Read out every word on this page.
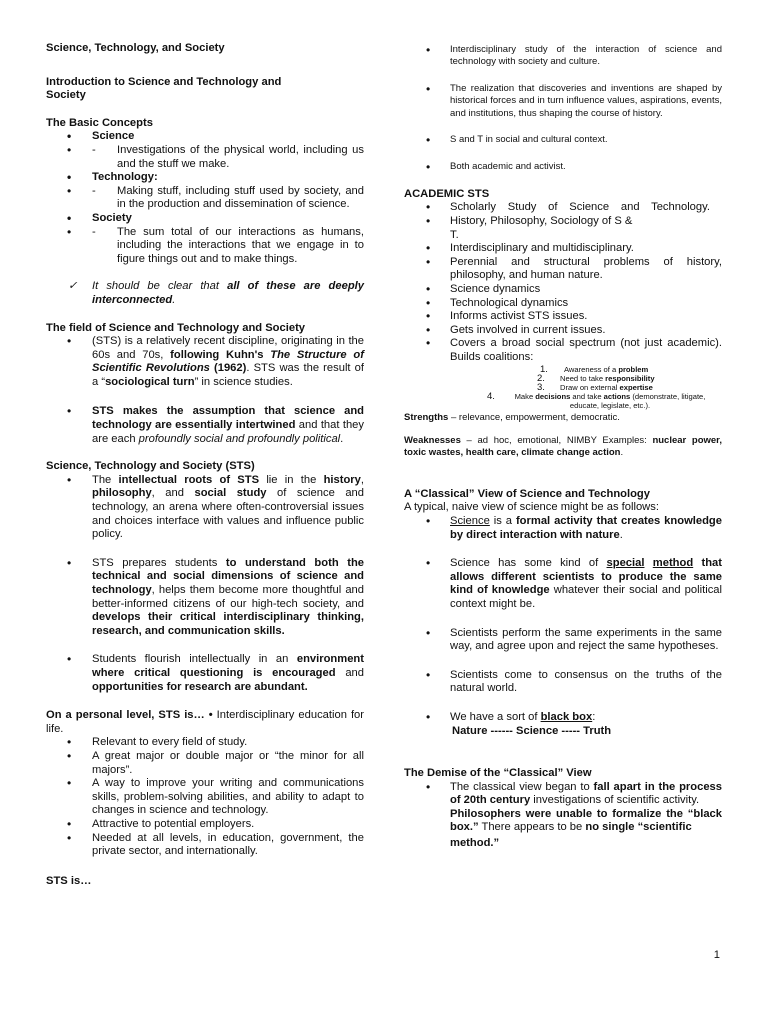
Science, Technology, and Society
Introduction to Science and Technology and Society
The Basic Concepts
• Science
- • Investigations of the physical world, including us and the stuff we make.
• Technology:
- • Making stuff, including stuff used by society, and in the production and dissemination of science.
• Society
- • The sum total of our interactions as humans, including the interactions that we engage in to figure things out and to make things.
✓ It should be clear that all of these are deeply interconnected.
The field of Science and Technology and Society
• (STS) is a relatively recent discipline, originating in the 60s and 70s, following Kuhn's The Structure of Scientific Revolutions (1962). STS was the result of a “sociological turn” in science studies.
• STS makes the assumption that science and technology are essentially intertwined and that they are each profoundly social and profoundly political.
Science, Technology and Society (STS)
• The intellectual roots of STS lie in the history, philosophy, and social study of science and technology, an arena where often-controversial issues and choices interface with values and influence public policy.
• STS prepares students to understand both the technical and social dimensions of science and technology, helps them become more thoughtful and better-informed citizens of our high-tech society, and develops their critical interdisciplinary thinking, research, and communication skills.
• Students flourish intellectually in an environment where critical questioning is encouraged and opportunities for research are abundant.
On a personal level, STS is… • Interdisciplinary education for life.
• Relevant to every field of study.
• A great major or double major or “the minor for all majors”.
• A way to improve your writing and communications skills, problem-solving abilities, and ability to adapt to changes in science and technology.
• Attractive to potential employers.
• Needed at all levels, in education, government, the private sector, and internationally.
STS is…
• Interdisciplinary study of the interaction of science and technology with society and culture.
• The realization that discoveries and inventions are shaped by historical forces and in turn influence values, aspirations, events, and institutions, thus shaping the course of history.
• S and T in social and cultural context.
• Both academic and activist.
ACADEMIC STS
• Scholarly Study of Science and Technology.
• History, Philosophy, Sociology of S & T.
• Interdisciplinary and multidisciplinary.
• Perennial and structural problems of history, philosophy, and human nature.
• Science dynamics
• Technological dynamics
• Informs activist STS issues.
• Gets involved in current issues.
• Covers a broad social spectrum (not just academic). Builds coalitions:
1. Awareness of a problem
2. Need to take responsibility
3. Draw on external expertise
4.	Make decisions and take actions (demonstrate, litigate, educate, legislate, etc.).
Strengths – relevance, empowerment, democratic.
Weaknesses – ad hoc, emotional, NIMBY Examples: nuclear power, toxic wastes, health care, climate change action.
A “Classical” View of Science and Technology
A typical, naive view of science might be as follows:
• Science is a formal activity that creates knowledge by direct interaction with nature.
• Science has some kind of special method that allows different scientists to produce the same kind of knowledge whatever their social and political context might be.
• Scientists perform the same experiments in the same way, and agree upon and reject the same hypotheses.
• Scientists come to consensus on the truths of the natural world.
• We have a sort of black box:
Nature ------ Science ----- Truth
The Demise of the “Classical” View
• The classical view began to fall apart in the process of 20th century investigations of scientific activity.
Philosophers were unable to formalize the “black box.” There appears to be no single “scientific
method.”
1
